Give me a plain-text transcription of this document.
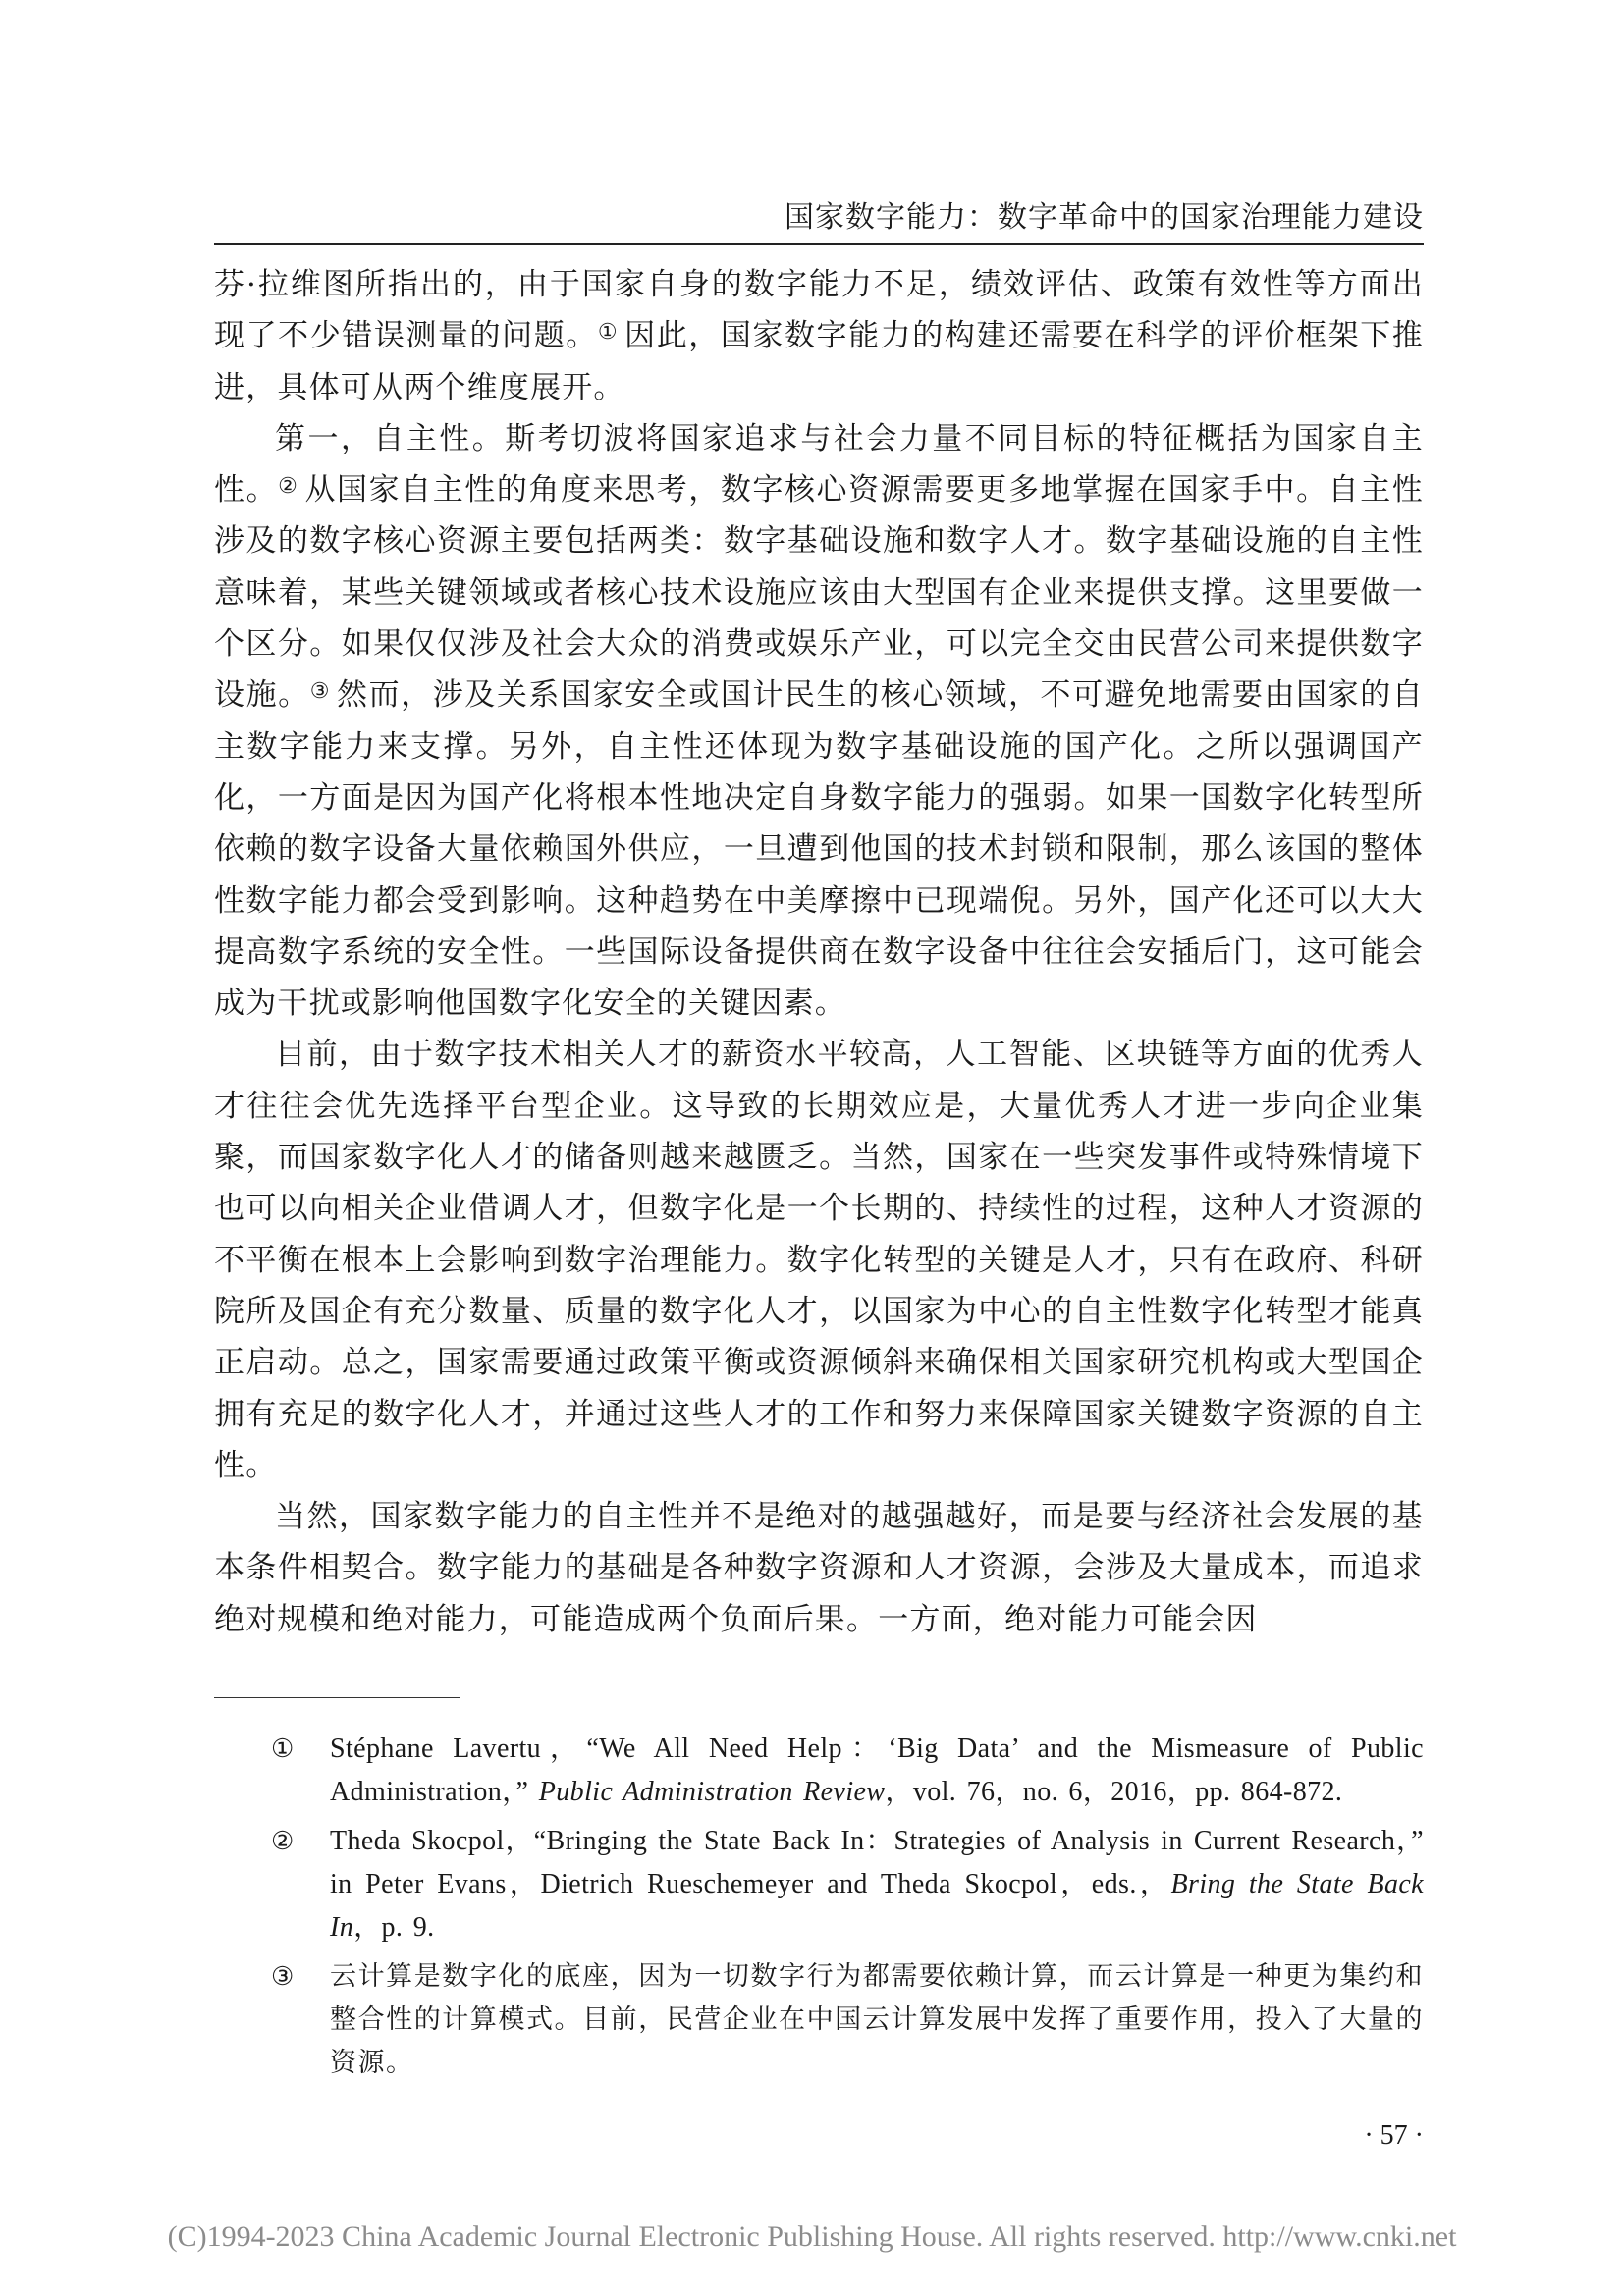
国家数字能力：数字革命中的国家治理能力建设

芬·拉维图所指出的，由于国家自身的数字能力不足，绩效评估、政策有效性等方面出现了不少错误测量的问题。① 因此，国家数字能力的构建还需要在科学的评价框架下推进，具体可从两个维度展开。

第一，自主性。斯考切波将国家追求与社会力量不同目标的特征概括为国家自主性。② 从国家自主性的角度来思考，数字核心资源需要更多地掌握在国家手中。自主性涉及的数字核心资源主要包括两类：数字基础设施和数字人才。数字基础设施的自主性意味着，某些关键领域或者核心技术设施应该由大型国有企业来提供支撑。这里要做一个区分。如果仅仅涉及社会大众的消费或娱乐产业，可以完全交由民营公司来提供数字设施。③ 然而，涉及关系国家安全或国计民生的核心领域，不可避免地需要由国家的自主数字能力来支撑。另外，自主性还体现为数字基础设施的国产化。之所以强调国产化，一方面是因为国产化将根本性地决定自身数字能力的强弱。如果一国数字化转型所依赖的数字设备大量依赖国外供应，一旦遭到他国的技术封锁和限制，那么该国的整体性数字能力都会受到影响。这种趋势在中美摩擦中已现端倪。另外，国产化还可以大大提高数字系统的安全性。一些国际设备提供商在数字设备中往往会安插后门，这可能会成为干扰或影响他国数字化安全的关键因素。

目前，由于数字技术相关人才的薪资水平较高，人工智能、区块链等方面的优秀人才往往会优先选择平台型企业。这导致的长期效应是，大量优秀人才进一步向企业集聚，而国家数字化人才的储备则越来越匮乏。当然，国家在一些突发事件或特殊情境下也可以向相关企业借调人才，但数字化是一个长期的、持续性的过程，这种人才资源的不平衡在根本上会影响到数字治理能力。数字化转型的关键是人才，只有在政府、科研院所及国企有充分数量、质量的数字化人才，以国家为中心的自主性数字化转型才能真正启动。总之，国家需要通过政策平衡或资源倾斜来确保相关国家研究机构或大型国企拥有充足的数字化人才，并通过这些人才的工作和努力来保障国家关键数字资源的自主性。

当然，国家数字能力的自主性并不是绝对的越强越好，而是要与经济社会发展的基本条件相契合。数字能力的基础是各种数字资源和人才资源，会涉及大量成本，而追求绝对规模和绝对能力，可能造成两个负面后果。一方面，绝对能力可能会因

① Stéphane Lavertu，“We All Need Help：‘Big Data’ and the Mismeasure of Public Administration，” Public Administration Review，vol. 76，no. 6，2016，pp. 864-872.
② Theda Skocpol，“Bringing the State Back In：Strategies of Analysis in Current Research，” in Peter Evans，Dietrich Rueschemeyer and Theda Skocpol，eds.，Bring the State Back In，p. 9.
③ 云计算是数字化的底座，因为一切数字行为都需要依赖计算，而云计算是一种更为集约和整合性的计算模式。目前，民营企业在中国云计算发展中发挥了重要作用，投入了大量的资源。
· 57 ·
(C)1994-2023 China Academic Journal Electronic Publishing House. All rights reserved. http://www.cnki.net
